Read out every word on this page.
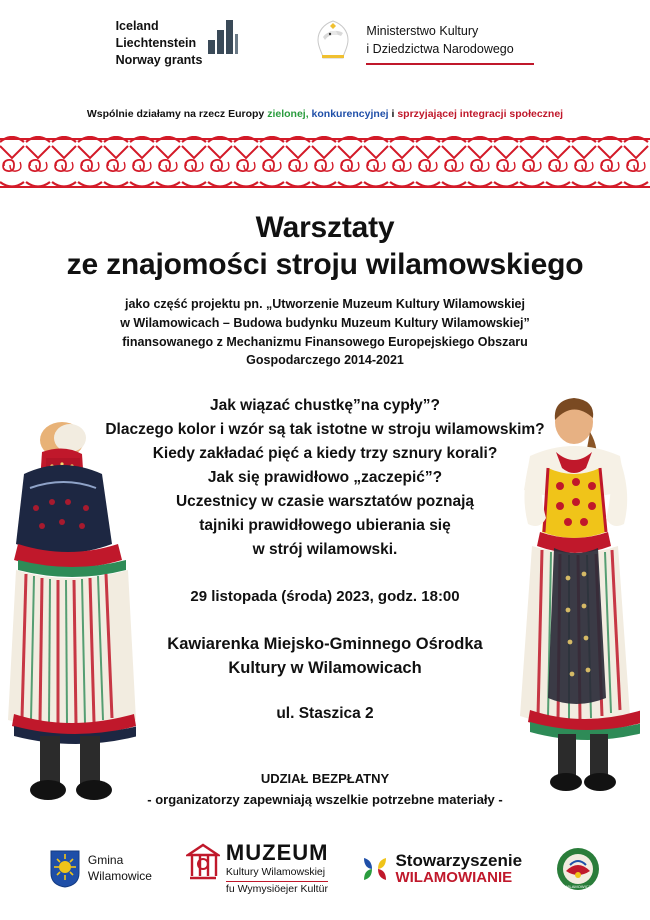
Iceland
Liechtenstein
Norway grants
Ministerstwo Kultury
i Dziedzictwa Narodowego
Wspólnie działamy na rzecz Europy zielonej, konkurencyjnej i sprzyjającej integracji społecznej
Warsztaty
ze znajomości stroju wilamowskiego
jako część projektu pn. „Utworzenie Muzeum Kultury Wilamowskiej
w Wilamowicach – Budowa budynku Muzeum Kultury Wilamowskiej”
finansowanego z Mechanizmu Finansowego Europejskiego Obszaru Gospodarczego 2014-2021
Jak wiązać chustkę”na cypły”?
Dlaczego kolor i wzór są tak istotne w stroju wilamowskim?
Kiedy zakładać pięć a kiedy trzy sznury korali?
Jak się prawidłowo „zaczepić”?
Uczestnicy w czasie warsztatów poznają
tajniki prawidłowego ubierania się
w strój wilamowski.
29 listopada (środa) 2023, godz. 18:00
Kawiarenka Miejsko-Gminnego Ośrodka
Kultury w Wilamowicach
ul. Staszica 2
UDZIAŁ BEZPŁATNY
- organizatorzy zapewniają wszelkie potrzebne materiały -
Gmina
Wilamowice
MUZEUM
Kultury Wilamowskiej
fu Wymysiöejer Kultür
Stowarzyszenie
WILAMOWIANIE
WILAMOWICE
